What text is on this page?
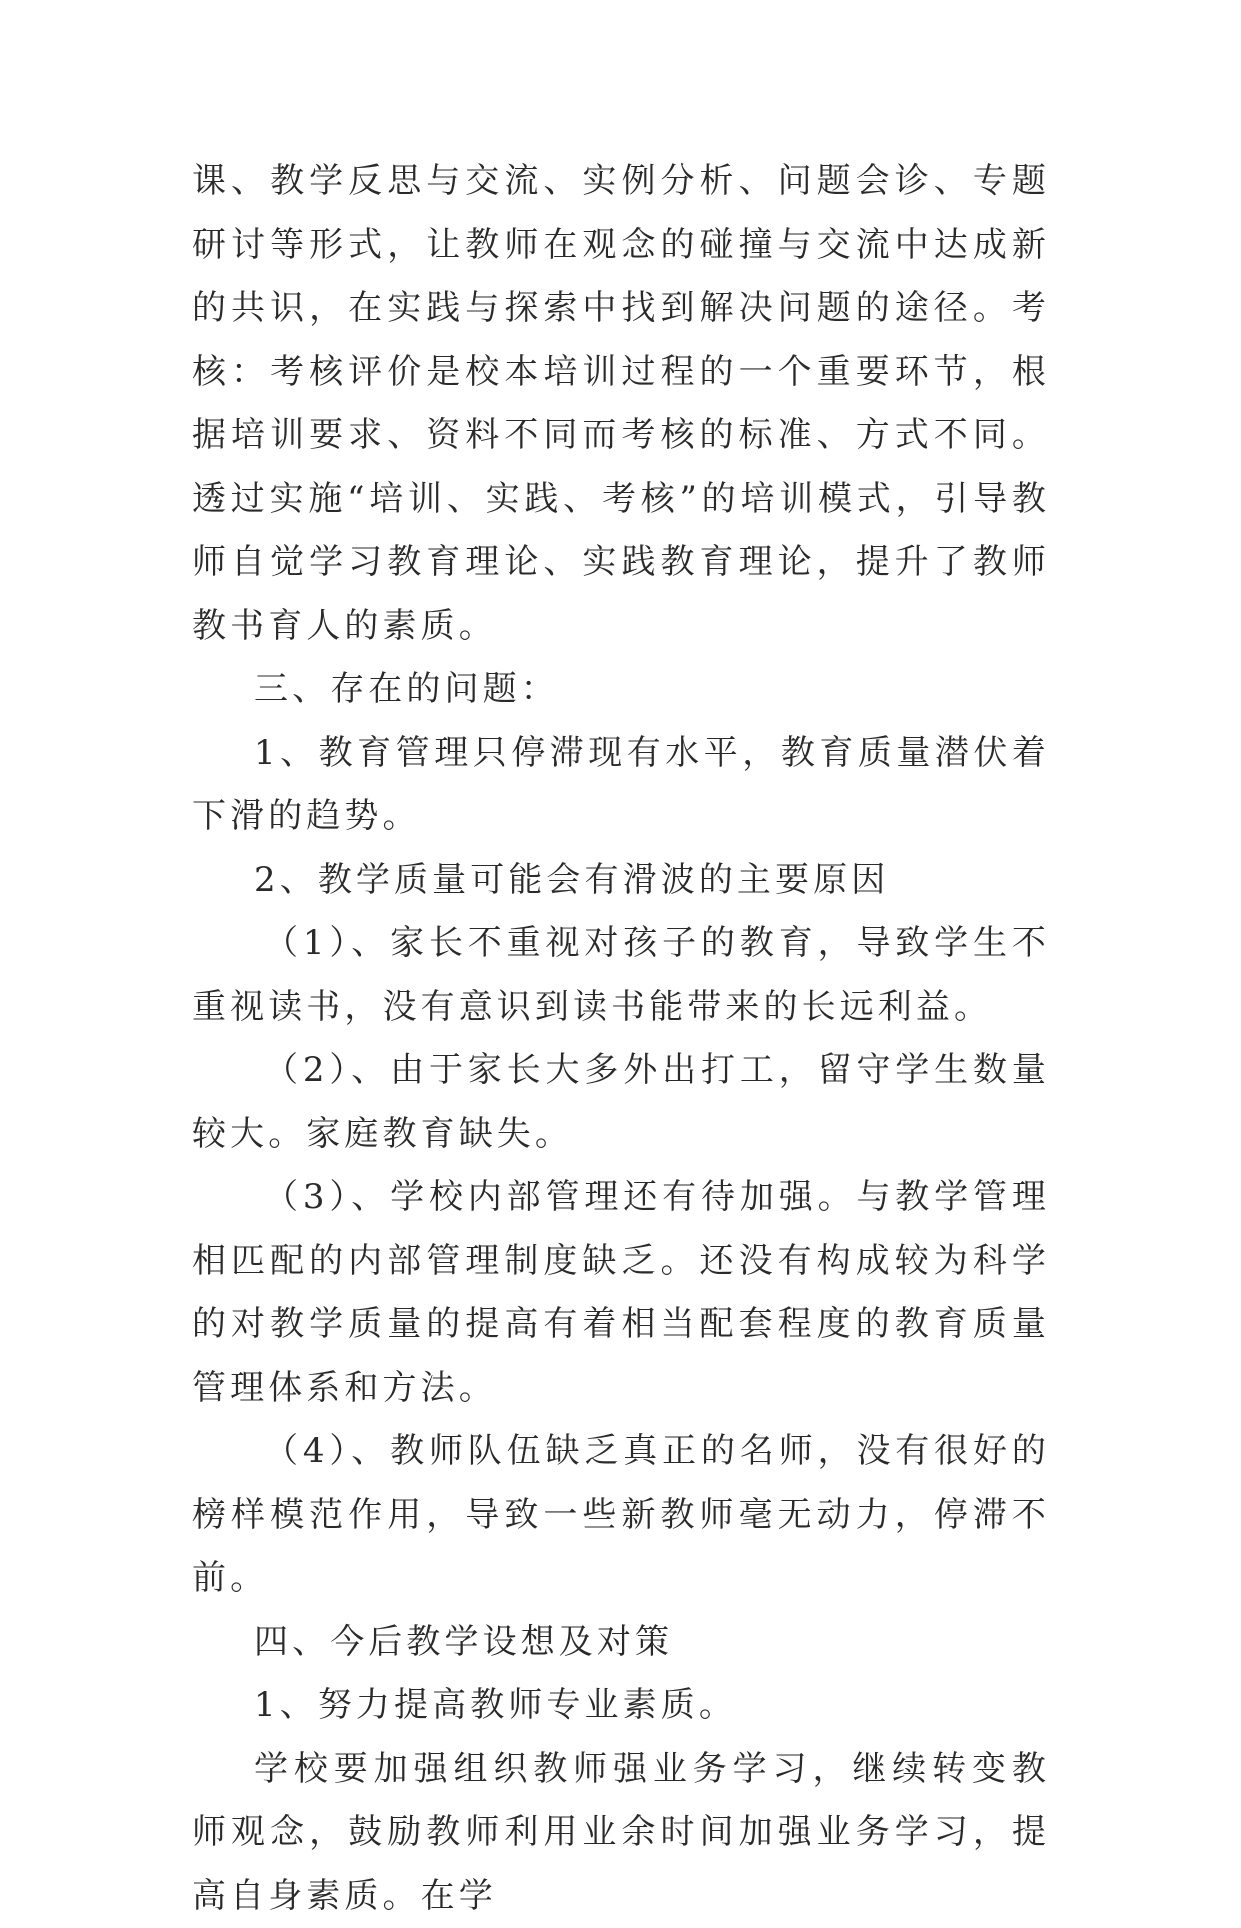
课、教学反思与交流、实例分析、问题会诊、专题研讨等形式，让教师在观念的碰撞与交流中达成新的共识，在实践与探索中找到解决问题的途径。考核：考核评价是校本培训过程的一个重要环节，根据培训要求、资料不同而考核的标准、方式不同。透过实施“培训、实践、考核”的培训模式，引导教师自觉学习教育理论、实践教育理论，提升了教师教书育人的素质。

三、存在的问题：

1、教育管理只停滞现有水平，教育质量潜伏着下滑的趋势。

2、教学质量可能会有滑波的主要原因

（1）、家长不重视对孩子的教育，导致学生不重视读书，没有意识到读书能带来的长远利益。

（2）、由于家长大多外出打工，留守学生数量较大。家庭教育缺失。

（3）、学校内部管理还有待加强。与教学管理相匹配的内部管理制度缺乏。还没有构成较为科学的对教学质量的提高有着相当配套程度的教育质量管理体系和方法。

（4）、教师队伍缺乏真正的名师，没有很好的榜样模范作用，导致一些新教师毫无动力，停滞不前。

四、今后教学设想及对策

1、努力提高教师专业素质。

学校要加强组织教师强业务学习，继续转变教师观念，鼓励教师利用业余时间加强业务学习，提高自身素质。在学
